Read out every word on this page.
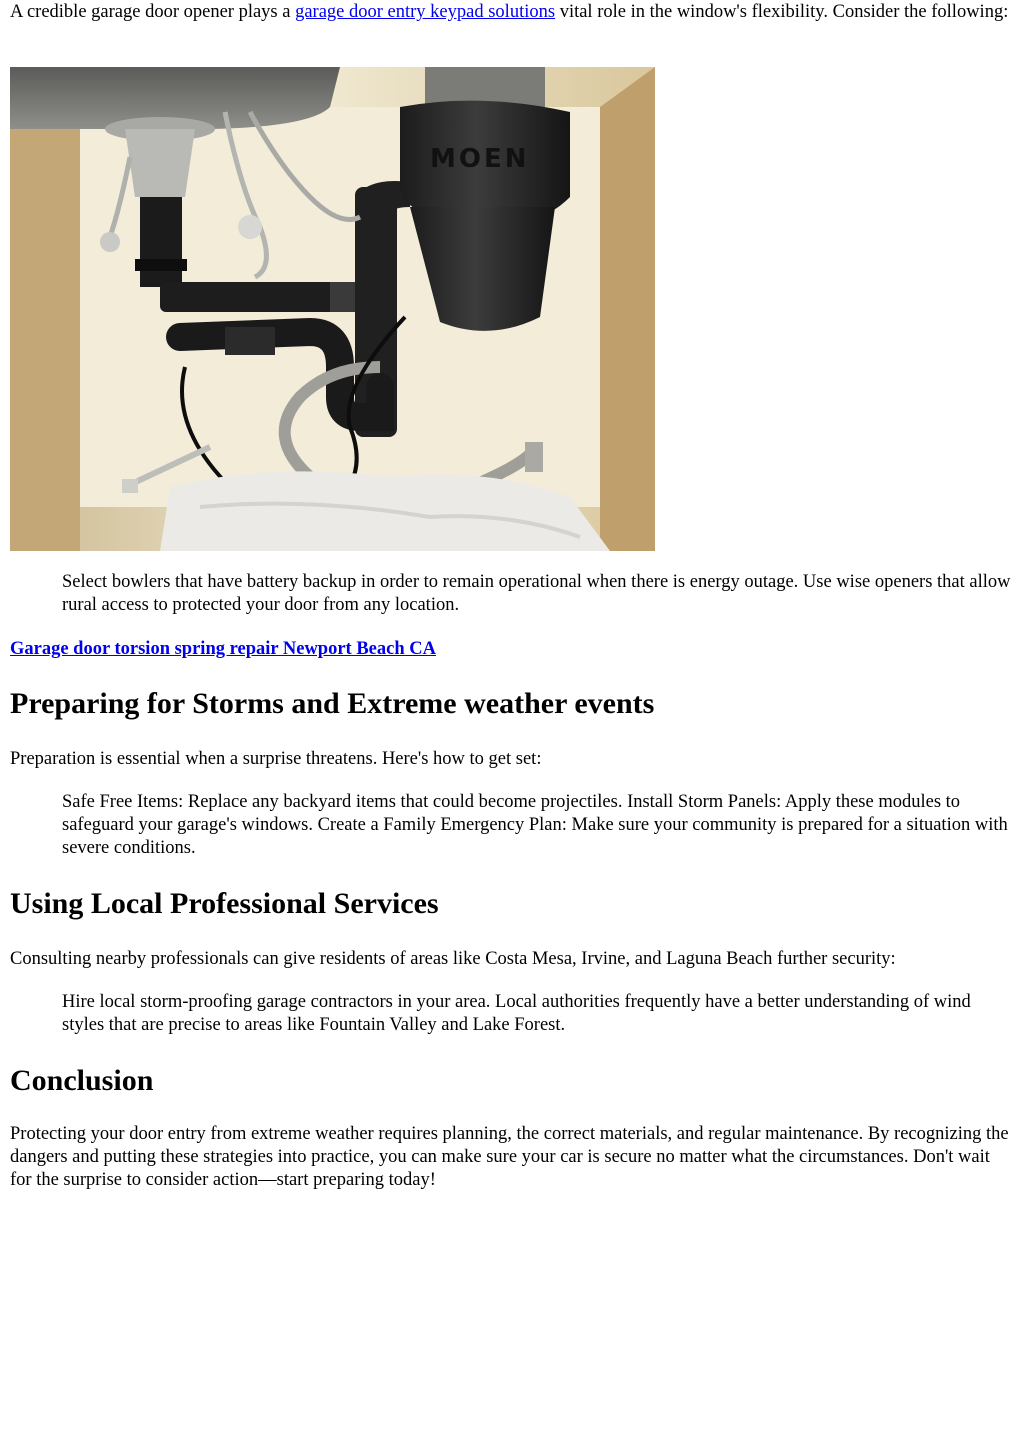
A credible garage door opener plays a garage door entry keypad solutions vital role in the window's flexibility. Consider the following:

MOEN
Select bowlers that have battery backup in order to remain operational when there is energy outage. Use wise openers that allow rural access to protected your door from any location.

Garage door torsion spring repair Newport Beach CA

Preparing for Storms and Extreme weather events

Preparation is essential when a surprise threatens. Here's how to get set:

Safe Free Items: Replace any backyard items that could become projectiles. Install Storm Panels: Apply these modules to safeguard your garage's windows. Create a Family Emergency Plan: Make sure your community is prepared for a situation with severe conditions.
Using Local Professional Services

Consulting nearby professionals can give residents of areas like Costa Mesa, Irvine, and Laguna Beach further security:

Hire local storm-proofing garage contractors in your area. Local authorities frequently have a better understanding of wind styles that are precise to areas like Fountain Valley and Lake Forest.
Conclusion

Protecting your door entry from extreme weather requires planning, the correct materials, and regular maintenance. By recognizing the dangers and putting these strategies into practice, you can make sure your car is secure no matter what the circumstances. Don't wait for the surprise to consider action—start preparing today!
